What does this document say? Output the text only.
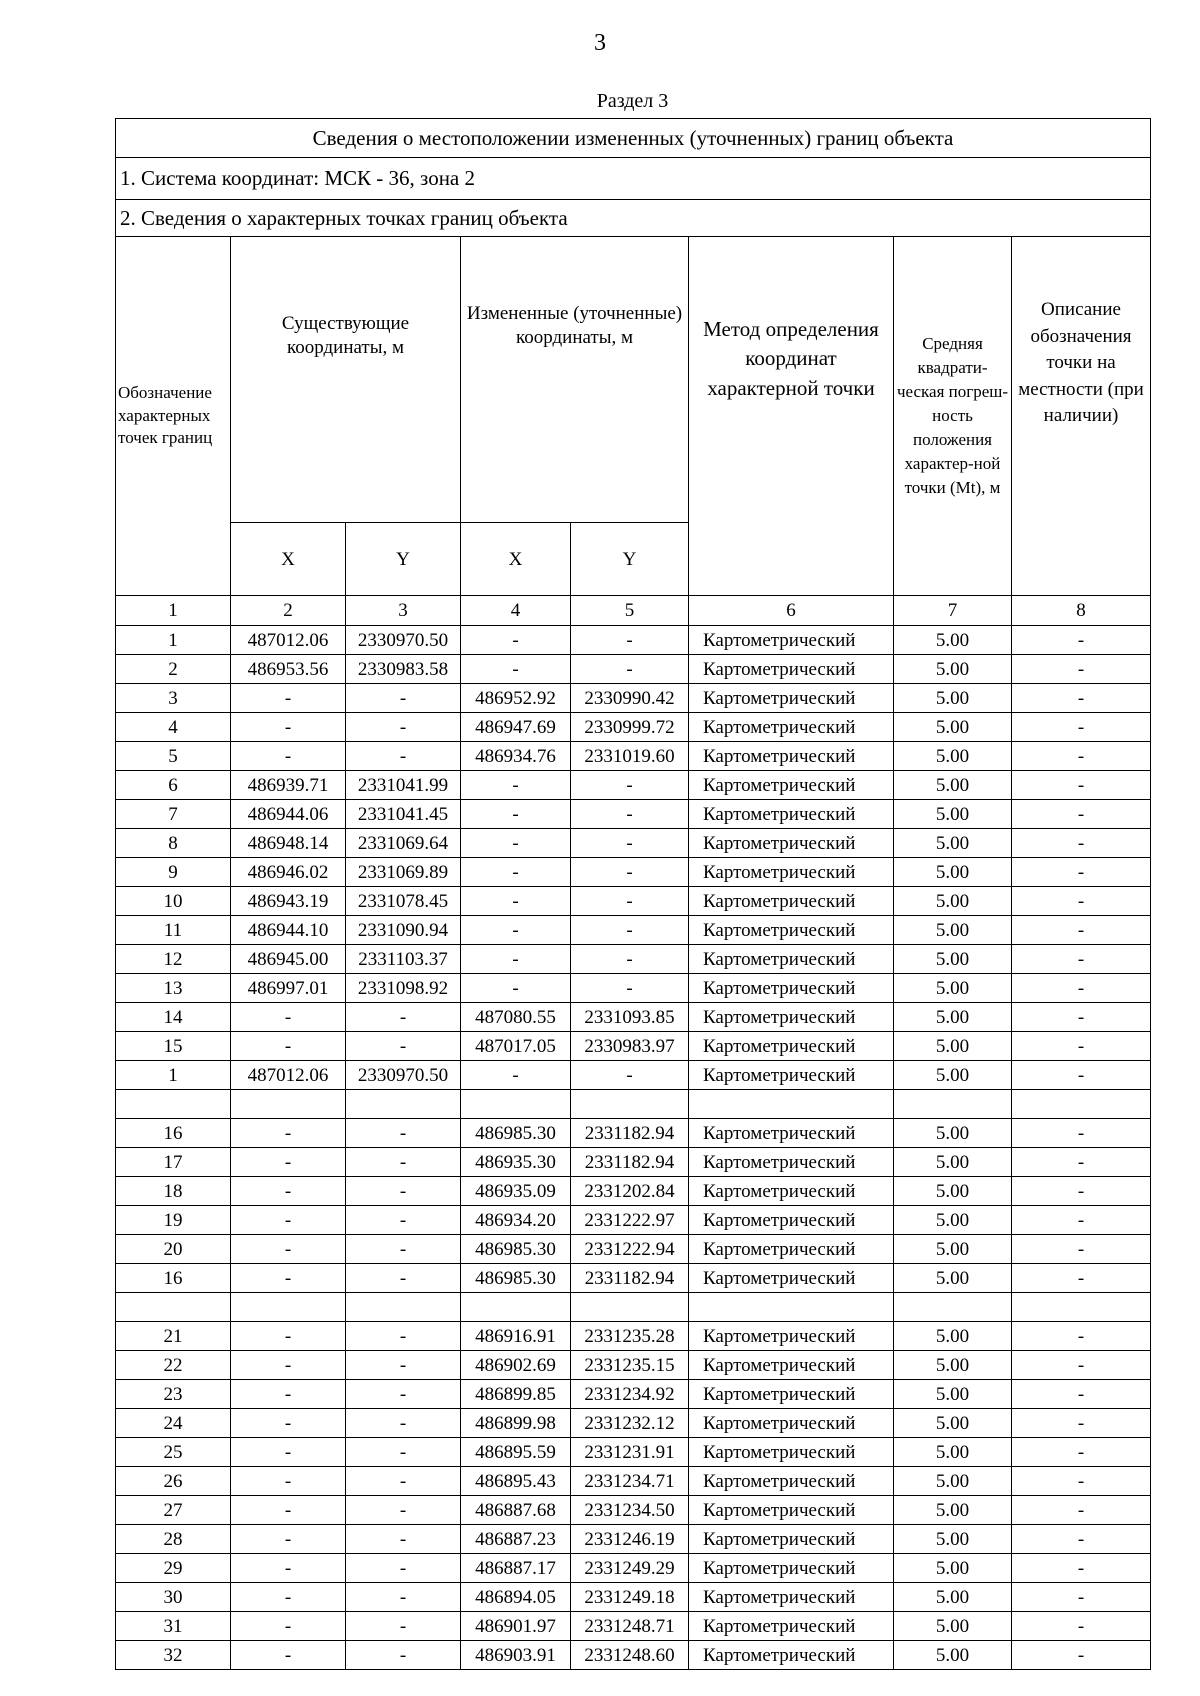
3
Раздел 3
Сведения о местоположении измененных (уточненных) границ объекта							
1. Система координат: МСК - 36, зона 2							
2. Сведения о характерных точках границ объекта							
Обозначение характерных точек границ	Существующие координаты, м		Измененные (уточненные) координаты, м		Метод определения координат характерной точки	Средняя квадрати-ческая погреш-ность положения характер-ной точки (Mt), м	Описание обозначения точки на местности (при наличии)
	X	Y	X	Y			
1	2	3	4	5	6	7	8
1	487012.06	2330970.50	-	-	Картометрический	5.00	-
2	486953.56	2330983.58	-	-	Картометрический	5.00	-
3	-	-	486952.92	2330990.42	Картометрический	5.00	-
4	-	-	486947.69	2330999.72	Картометрический	5.00	-
5	-	-	486934.76	2331019.60	Картометрический	5.00	-
6	486939.71	2331041.99	-	-	Картометрический	5.00	-
7	486944.06	2331041.45	-	-	Картометрический	5.00	-
8	486948.14	2331069.64	-	-	Картометрический	5.00	-
9	486946.02	2331069.89	-	-	Картометрический	5.00	-
10	486943.19	2331078.45	-	-	Картометрический	5.00	-
11	486944.10	2331090.94	-	-	Картометрический	5.00	-
12	486945.00	2331103.37	-	-	Картометрический	5.00	-
13	486997.01	2331098.92	-	-	Картометрический	5.00	-
14	-	-	487080.55	2331093.85	Картометрический	5.00	-
15	-	-	487017.05	2330983.97	Картометрический	5.00	-
1	487012.06	2330970.50	-	-	Картометрический	5.00	-

16	-	-	486985.30	2331182.94	Картометрический	5.00	-
17	-	-	486935.30	2331182.94	Картометрический	5.00	-
18	-	-	486935.09	2331202.84	Картометрический	5.00	-
19	-	-	486934.20	2331222.97	Картометрический	5.00	-
20	-	-	486985.30	2331222.94	Картометрический	5.00	-
16	-	-	486985.30	2331182.94	Картометрический	5.00	-

21	-	-	486916.91	2331235.28	Картометрический	5.00	-
22	-	-	486902.69	2331235.15	Картометрический	5.00	-
23	-	-	486899.85	2331234.92	Картометрический	5.00	-
24	-	-	486899.98	2331232.12	Картометрический	5.00	-
25	-	-	486895.59	2331231.91	Картометрический	5.00	-
26	-	-	486895.43	2331234.71	Картометрический	5.00	-
27	-	-	486887.68	2331234.50	Картометрический	5.00	-
28	-	-	486887.23	2331246.19	Картометрический	5.00	-
29	-	-	486887.17	2331249.29	Картометрический	5.00	-
30	-	-	486894.05	2331249.18	Картометрический	5.00	-
31	-	-	486901.97	2331248.71	Картометрический	5.00	-
32	-	-	486903.91	2331248.60	Картометрический	5.00	-
